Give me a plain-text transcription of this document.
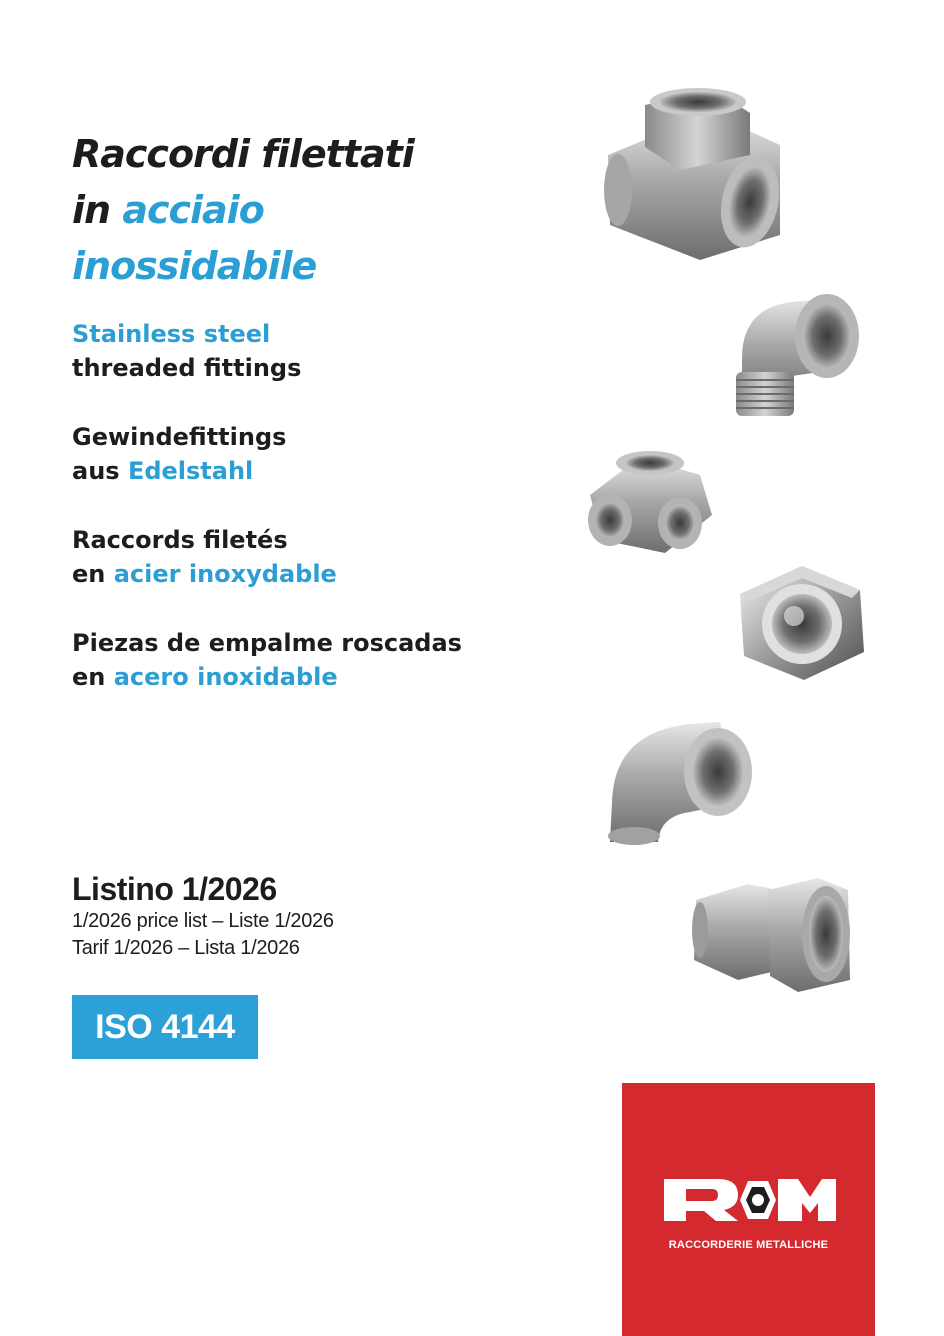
Raccordi filettati
in acciaio
inossidabile
Stainless steel
threaded fittings
Gewindefittings
aus Edelstahl
Raccords filetés
en acier inoxydable
Piezas de empalme roscadas
en acero inoxidable
Listino 1/2026

1/2026 price list – Liste 1/2026

Tarif 1/2026 – Lista 1/2026

ISO 4144
RACCORDERIE METALLICHE
